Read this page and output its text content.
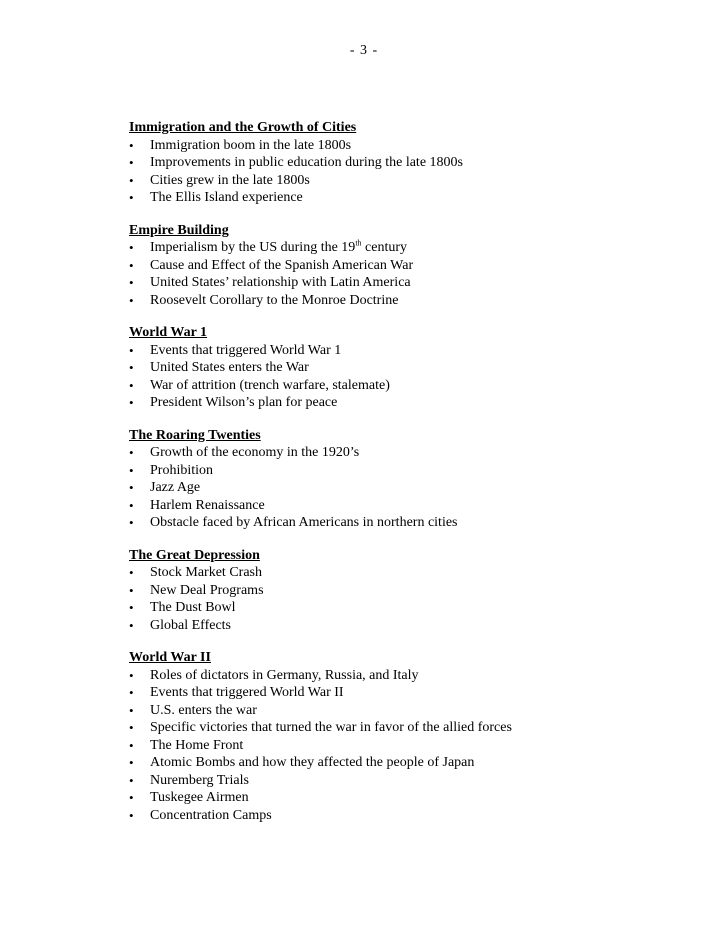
- 3 -
Immigration and the Growth of Cities
• Immigration boom in the late 1800s
• Improvements in public education during the late 1800s
• Cities grew in the late 1800s
• The Ellis Island experience
Empire Building
• Imperialism by the US during the 19th century
• Cause and Effect of the Spanish American War
• United States’ relationship with Latin America
• Roosevelt Corollary to the Monroe Doctrine
World War 1
• Events that triggered World War 1
• United States enters the War
• War of attrition (trench warfare, stalemate)
• President Wilson’s plan for peace
The Roaring Twenties
• Growth of the economy in the 1920’s
• Prohibition
• Jazz Age
• Harlem Renaissance
• Obstacle faced by African Americans in northern cities
The Great Depression
• Stock Market Crash
• New Deal Programs
• The Dust Bowl
• Global Effects
World War II
• Roles of dictators in Germany, Russia, and Italy
• Events that triggered World War II
• U.S. enters the war
• Specific victories that turned the war in favor of the allied forces
• The Home Front
• Atomic Bombs and how they affected the people of Japan
• Nuremberg Trials
• Tuskegee Airmen
• Concentration Camps
